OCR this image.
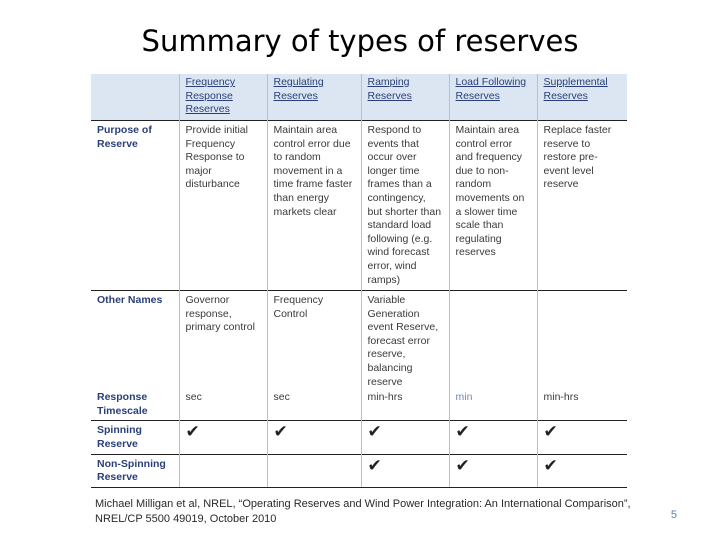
Summary of types of reserves
	Frequency Response Reserves	Regulating Reserves	Ramping Reserves	Load Following Reserves	Supplemental Reserves
Purpose of Reserve	Provide initial Frequency Response to major disturbance	Maintain area control error due to random movement in a time frame faster than energy markets clear	Respond to events that occur over longer time frames than a contingency, but shorter than standard load following (e.g. wind forecast error, wind ramps)	Maintain area control error and frequency due to non-random movements on a slower time scale than regulating reserves	Replace faster reserve to restore pre-event level reserve
Other Names	Governor response, primary control	Frequency Control	Variable Generation event Reserve, forecast error reserve, balancing reserve		
Response Timescale	sec	sec	min-hrs	min	min-hrs
Spinning Reserve	✔	✔	✔	✔	✔
Non-Spinning Reserve			✔	✔	✔
Michael Milligan et al, NREL, “Operating Reserves and Wind Power Integration: An International Comparison”,
NREL/CP 5500 49019, October 2010	5
